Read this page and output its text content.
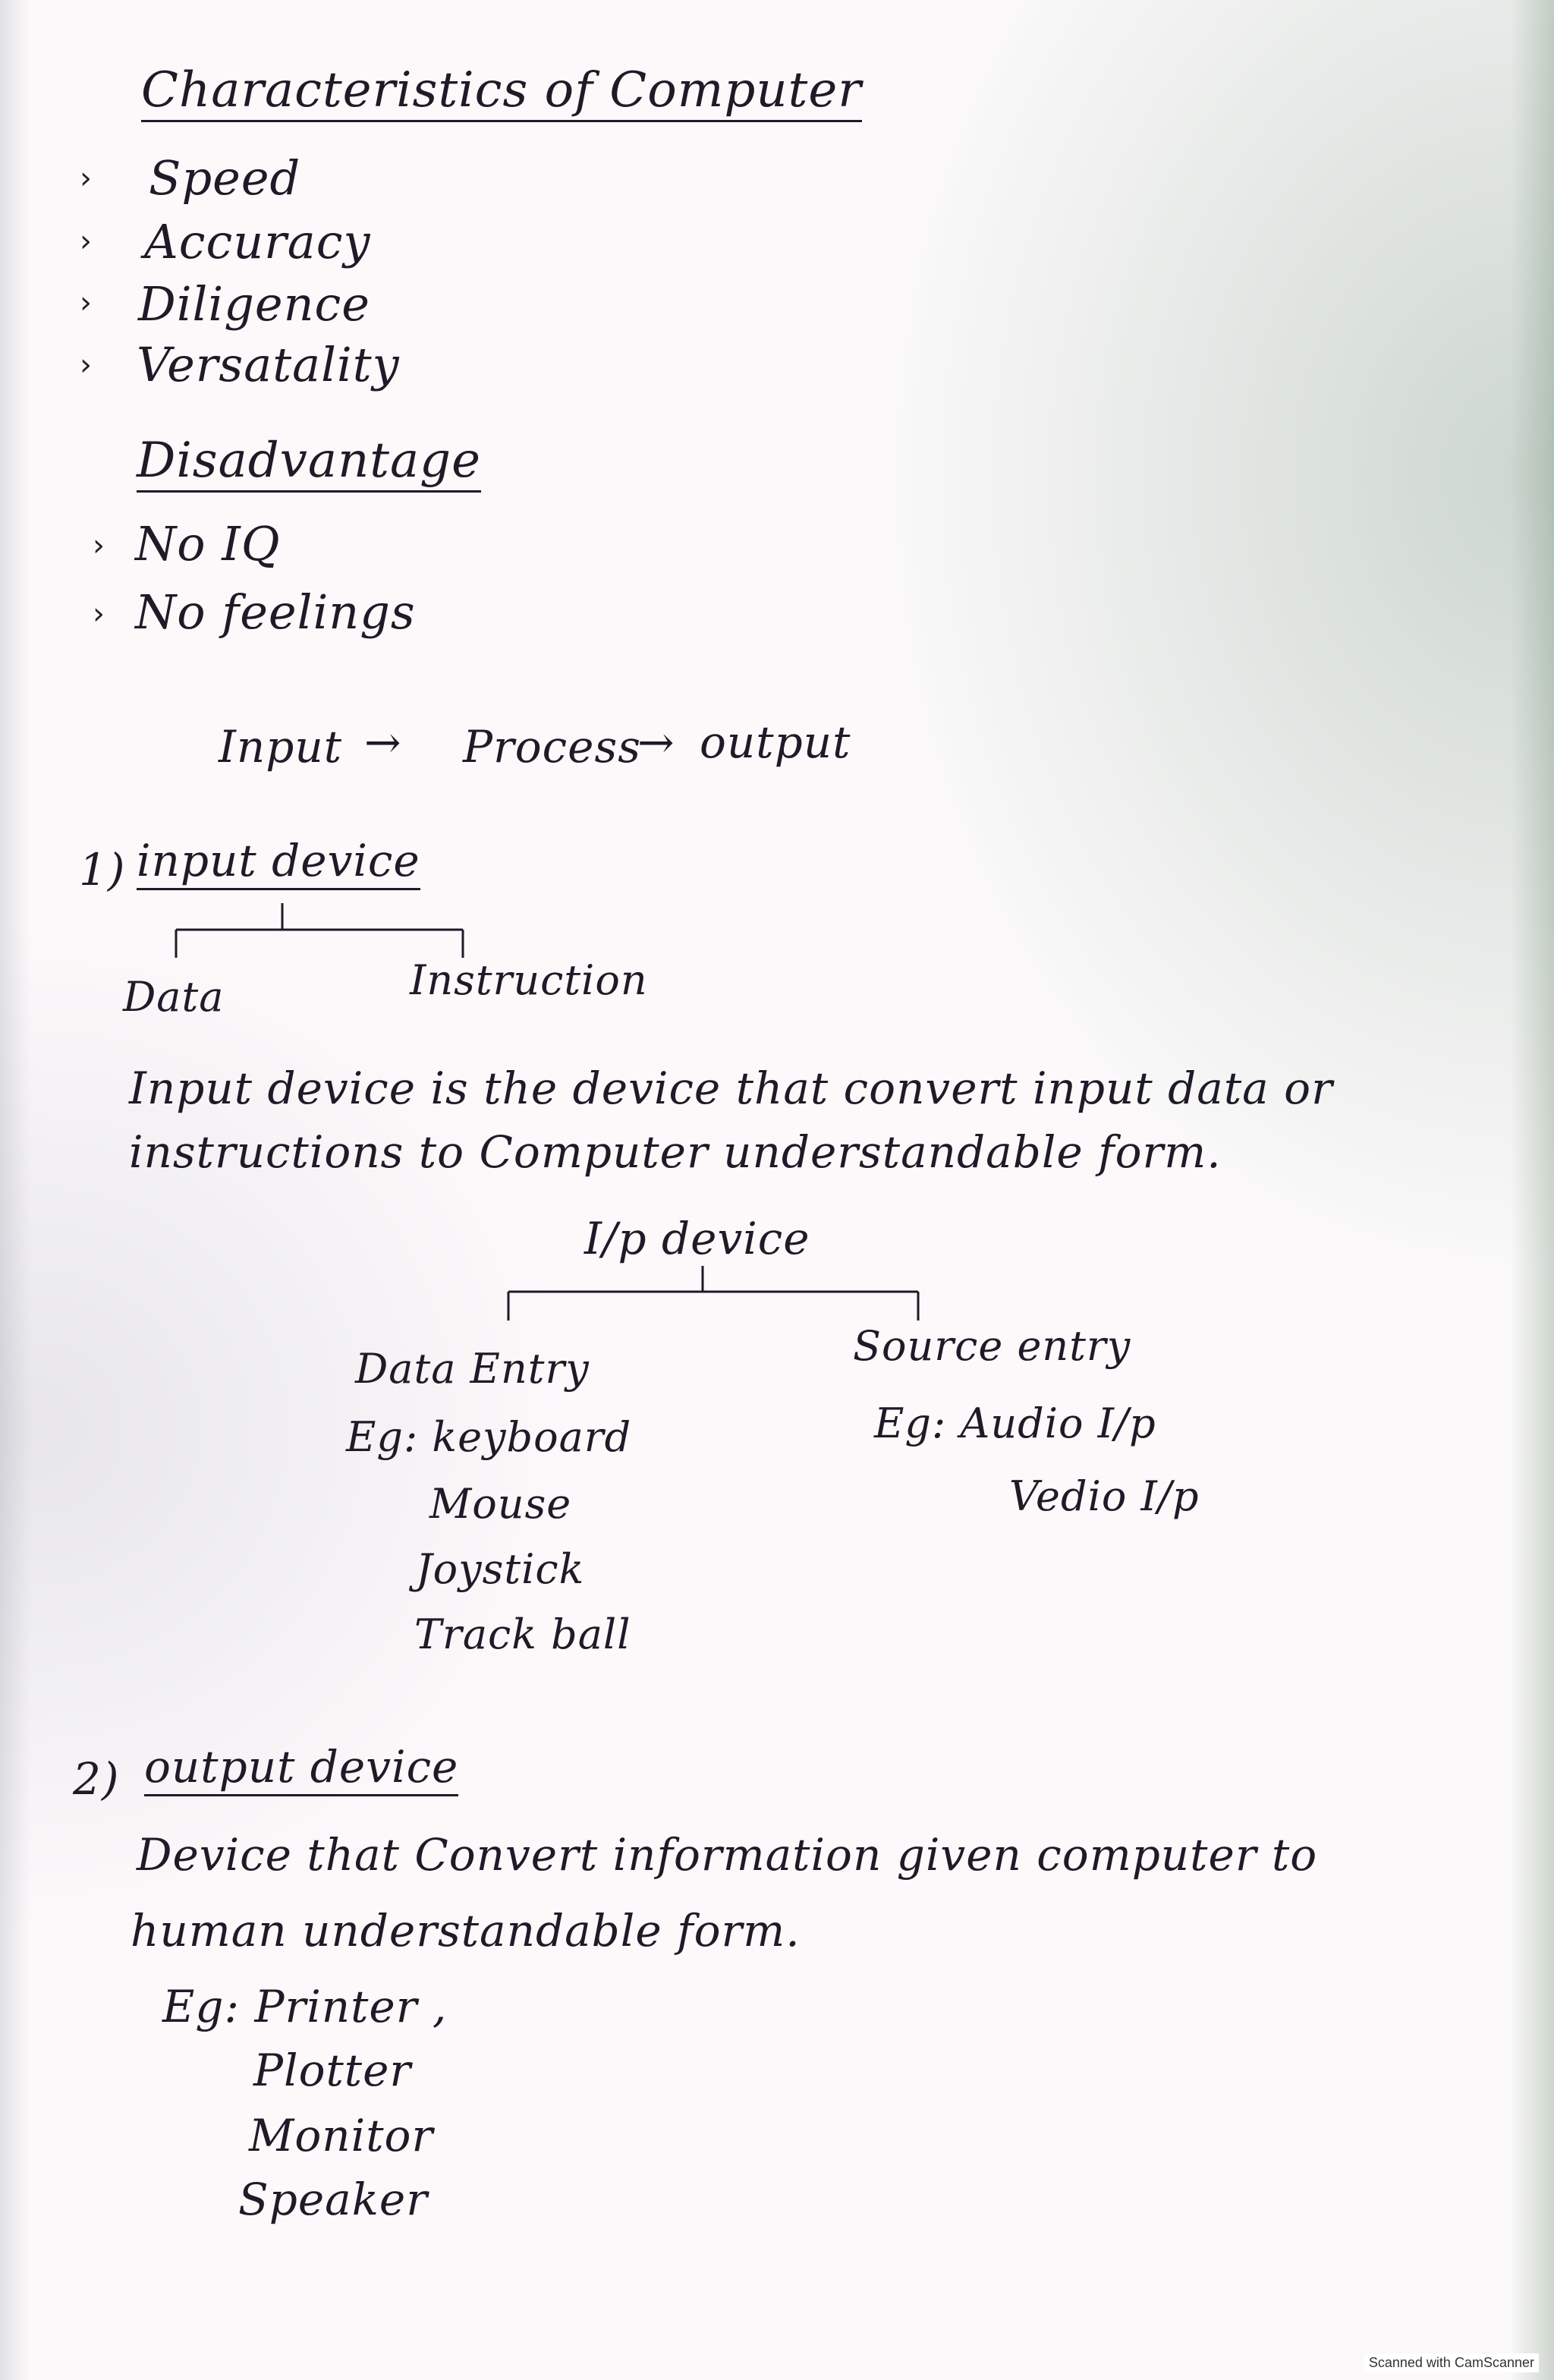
Characteristics of Computer
› Speed
› Accuracy
› Diligence
› Versatality
Disadvantage
› No IQ
› No feelings
Input → Process
→ output
1) input device
Data	Instruction
Input device is the device that convert input data or
instructions to Computer understandable form.
I/p device
Data Entry
Eg: keyboard
Mouse
Joystick
Track ball
Source entry
Eg: Audio I/p
Vedio I/p
2) output device
Device that Convert information given computer to
human understandable form.
Eg: Printer ,
Plotter
Monitor
Speaker
Scanned with CamScanner
